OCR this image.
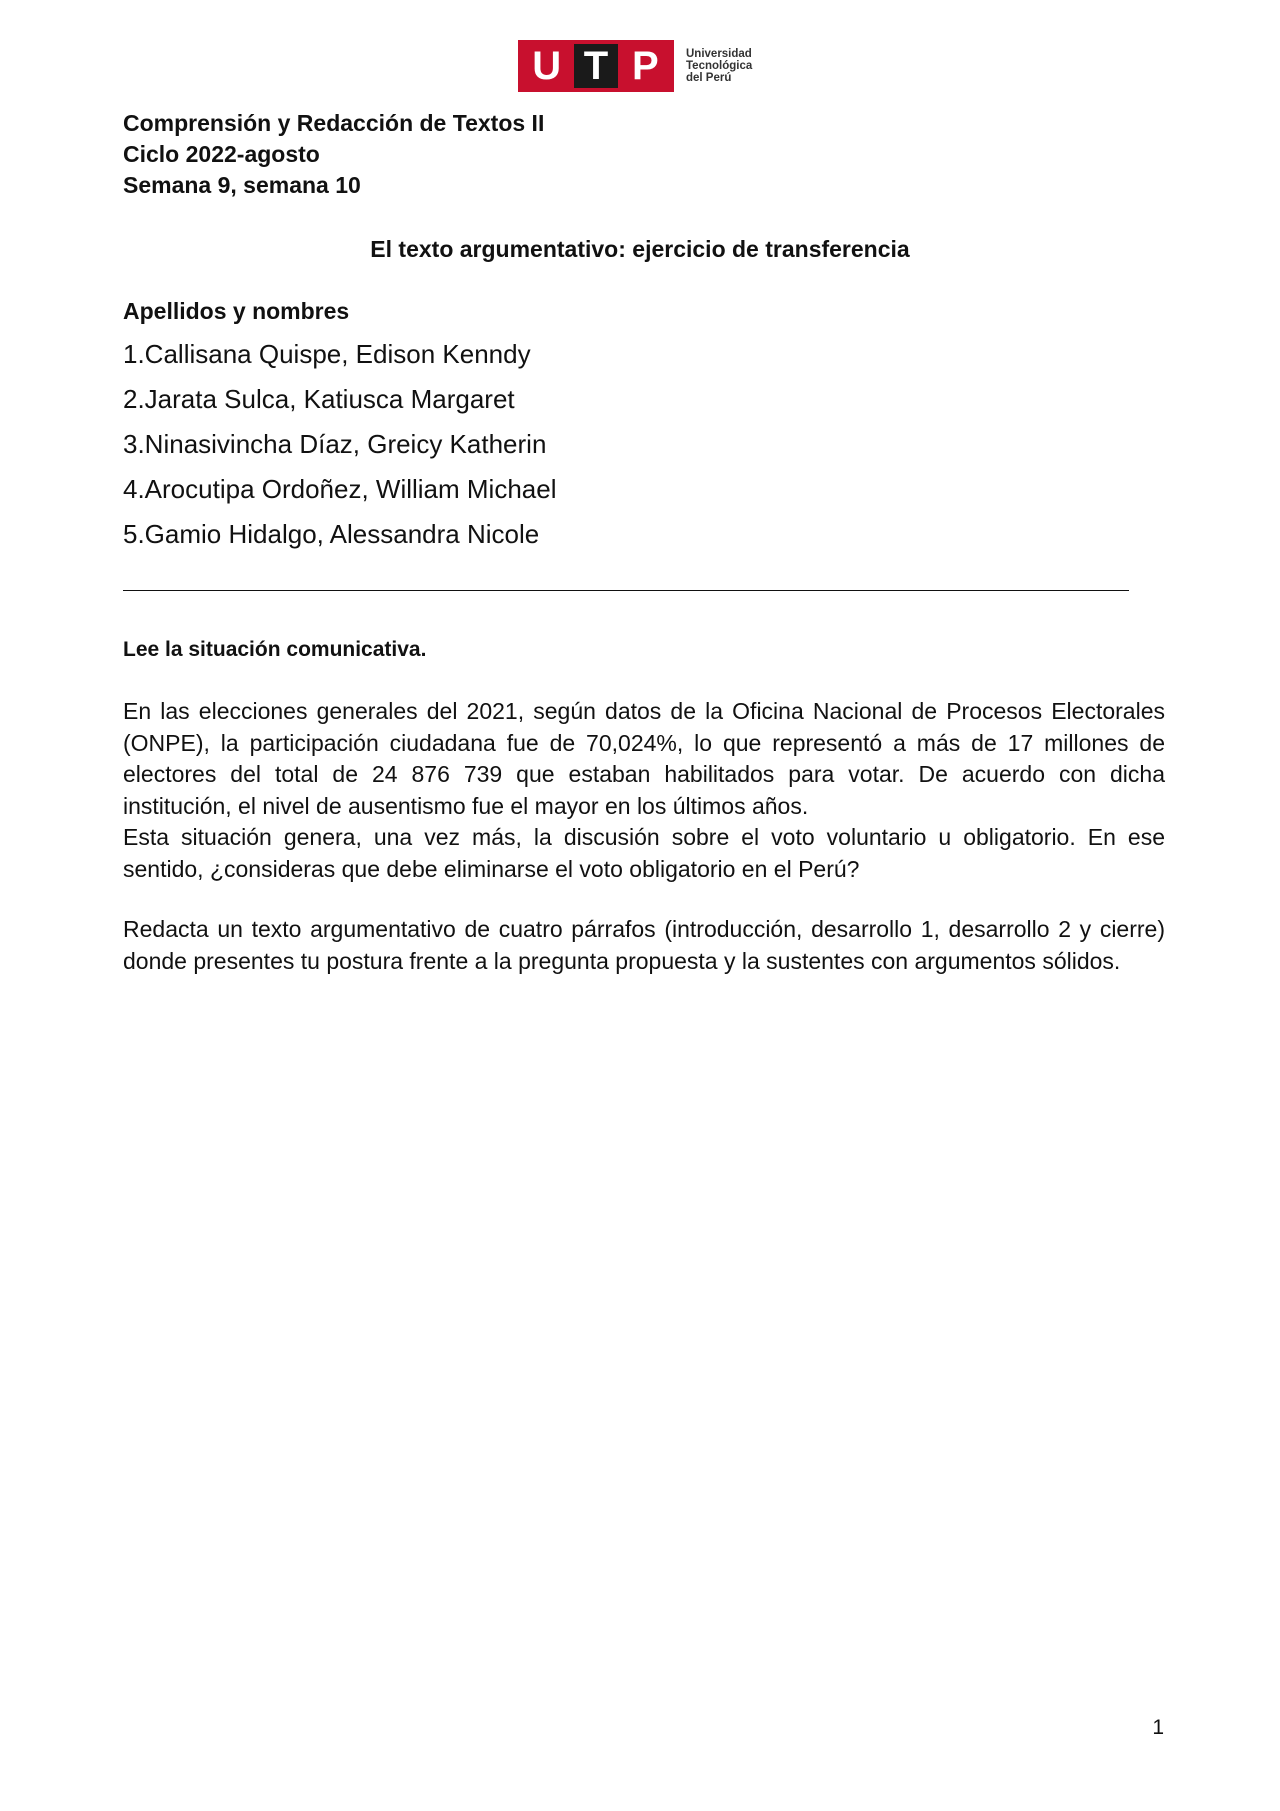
U T P	Universidad
Tecnológica
del Perú
Comprensión y Redacción de Textos II
Ciclo 2022-agosto
Semana 9, semana 10
El texto argumentativo: ejercicio de transferencia
Apellidos y nombres
1.Callisana Quispe, Edison Kenndy
2.Jarata Sulca, Katiusca Margaret
3.Ninasivincha Díaz, Greicy Katherin
4.Arocutipa Ordoñez, William Michael
5.Gamio Hidalgo, Alessandra Nicole
Lee la situación comunicativa.

En las elecciones generales del 2021, según datos de la Oficina Nacional de Procesos Electorales (ONPE), la participación ciudadana fue de 70,024%, lo que representó a más de 17 millones de electores del total de 24 876 739 que estaban habilitados para votar. De acuerdo con dicha institución, el nivel de ausentismo fue el mayor en los últimos años.

Esta situación genera, una vez más, la discusión sobre el voto voluntario u obligatorio. En ese sentido, ¿consideras que debe eliminarse el voto obligatorio en el Perú?

Redacta un texto argumentativo de cuatro párrafos (introducción, desarrollo 1, desarrollo 2 y cierre) donde presentes tu postura frente a la pregunta propuesta y la sustentes con argumentos sólidos.

1
